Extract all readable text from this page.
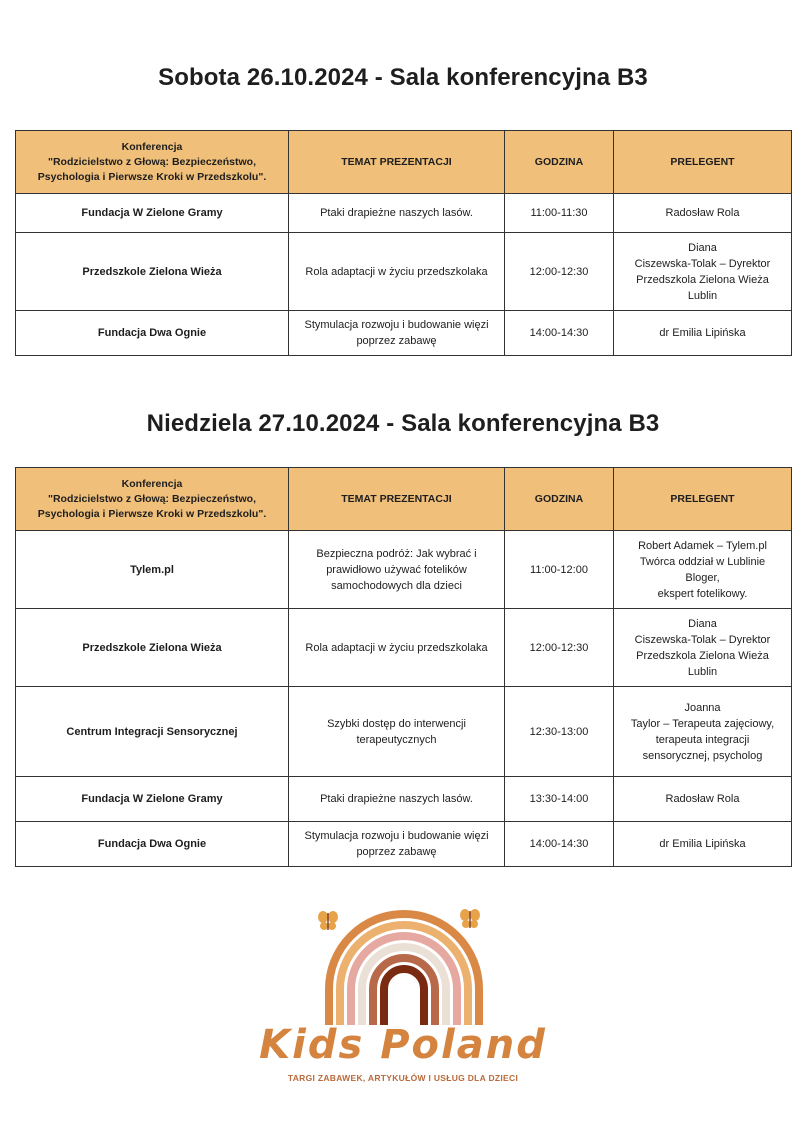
Sobota 26.10.2024 - Sala konferencyjna B3
Konferencja
"Rodzicielstwo z Głową: Bezpieczeństwo,
Psychologia i Pierwsze Kroki w Przedszkolu".	TEMAT PREZENTACJI	GODZINA	PRELEGENT
Fundacja W Zielone Gramy	Ptaki drapieżne naszych lasów.	11:00-11:30	Radosław Rola
Przedszkole Zielona Wieża	Rola adaptacji w życiu przedszkolaka	12:00-12:30	Diana
Ciszewska-Tolak – Dyrektor
Przedszkola Zielona Wieża
Lublin
Fundacja Dwa Ognie	Stymulacja rozwoju i budowanie więzi
poprzez zabawę	14:00-14:30	dr Emilia Lipińska
Niedziela 27.10.2024 - Sala konferencyjna B3
Konferencja
"Rodzicielstwo z Głową: Bezpieczeństwo,
Psychologia i Pierwsze Kroki w Przedszkolu".	TEMAT PREZENTACJI	GODZINA	PRELEGENT
Tylem.pl	Bezpieczna podróż: Jak wybrać i
prawidłowo używać fotelików
samochodowych dla dzieci	11:00-12:00	Robert Adamek – Tylem.pl
Twórca oddział w Lublinie
Bloger,
ekspert fotelikowy.
Przedszkole Zielona Wieża	Rola adaptacji w życiu przedszkolaka	12:00-12:30	Diana
Ciszewska-Tolak – Dyrektor
Przedszkola Zielona Wieża
Lublin
Centrum Integracji Sensorycznej	Szybki dostęp do interwencji
terapeutycznych	12:30-13:00	Joanna
Taylor – Terapeuta zajęciowy,
terapeuta integracji
sensorycznej, psycholog
Fundacja W Zielone Gramy	Ptaki drapieżne naszych lasów.	13:30-14:00	Radosław Rola
Fundacja Dwa Ognie	Stymulacja rozwoju i budowanie więzi
poprzez zabawę	14:00-14:30	dr Emilia Lipińska
Kids Poland
TARGI ZABAWEK, ARTYKUŁÓW I USŁUG DLA DZIECI
